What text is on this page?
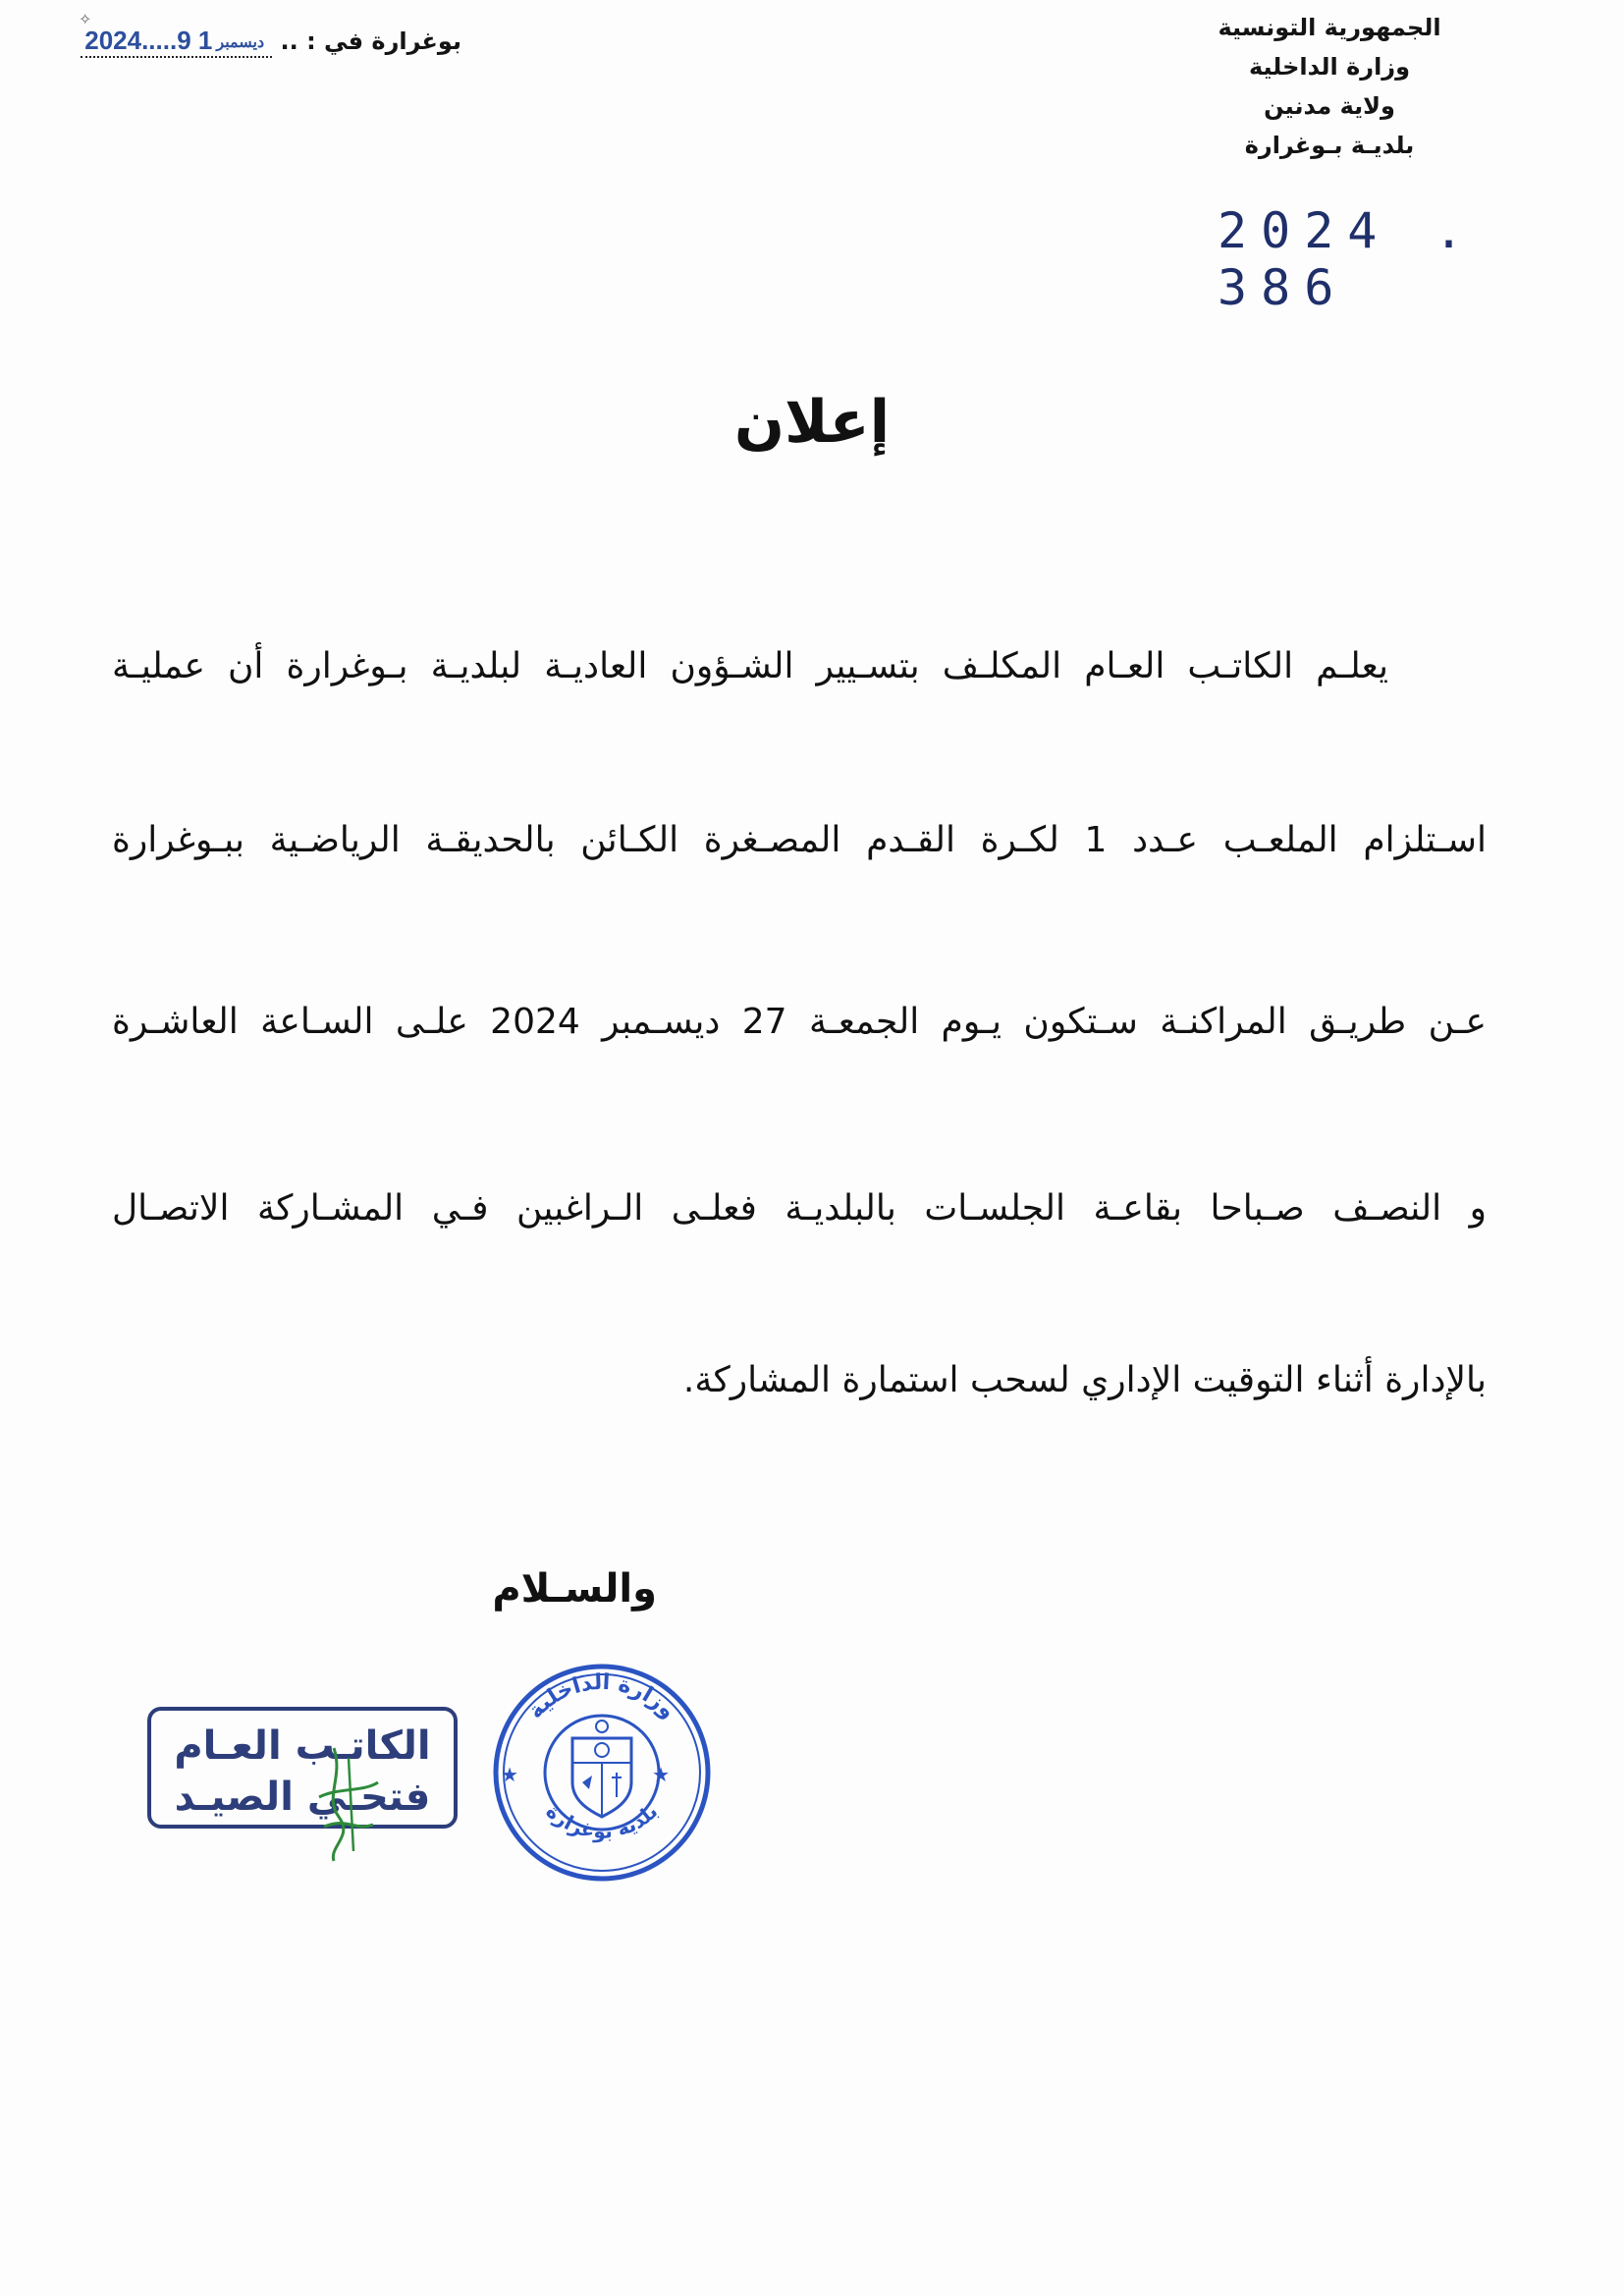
الجمهورية التونسية
وزارة الداخلية
ولاية مدنين
بلديـة بـوغرارة
2024 . 386
✧
بوغرارة في : .. 2024.....	ديسمبر1 9
إعلان
يعلـم الكاتـب العـام المكلـف بتسـيير الشـؤون العاديـة لبلديـة بـوغرارة أن عمليـة
اسـتلزام الملعـب عـدد 1 لكـرة القـدم المصـغرة الكـائن بالحديقـة الرياضـية ببـوغرارة
عـن طريـق المراكنـة سـتكون يـوم الجمعـة 27 ديسـمبر 2024 علـى السـاعة العاشـرة
و النصـف صـباحا بقاعـة الجلسـات بالبلديـة فعلـى الـراغبين فـي المشـاركة الاتصـال
بالإدارة أثناء التوقيت الإداري لسحب استمارة المشاركة.
والسـلام
الكاتـب العـام
فتحـي الصيـد
وزارة الداخلية
بلدية بوغرارة
★	★
